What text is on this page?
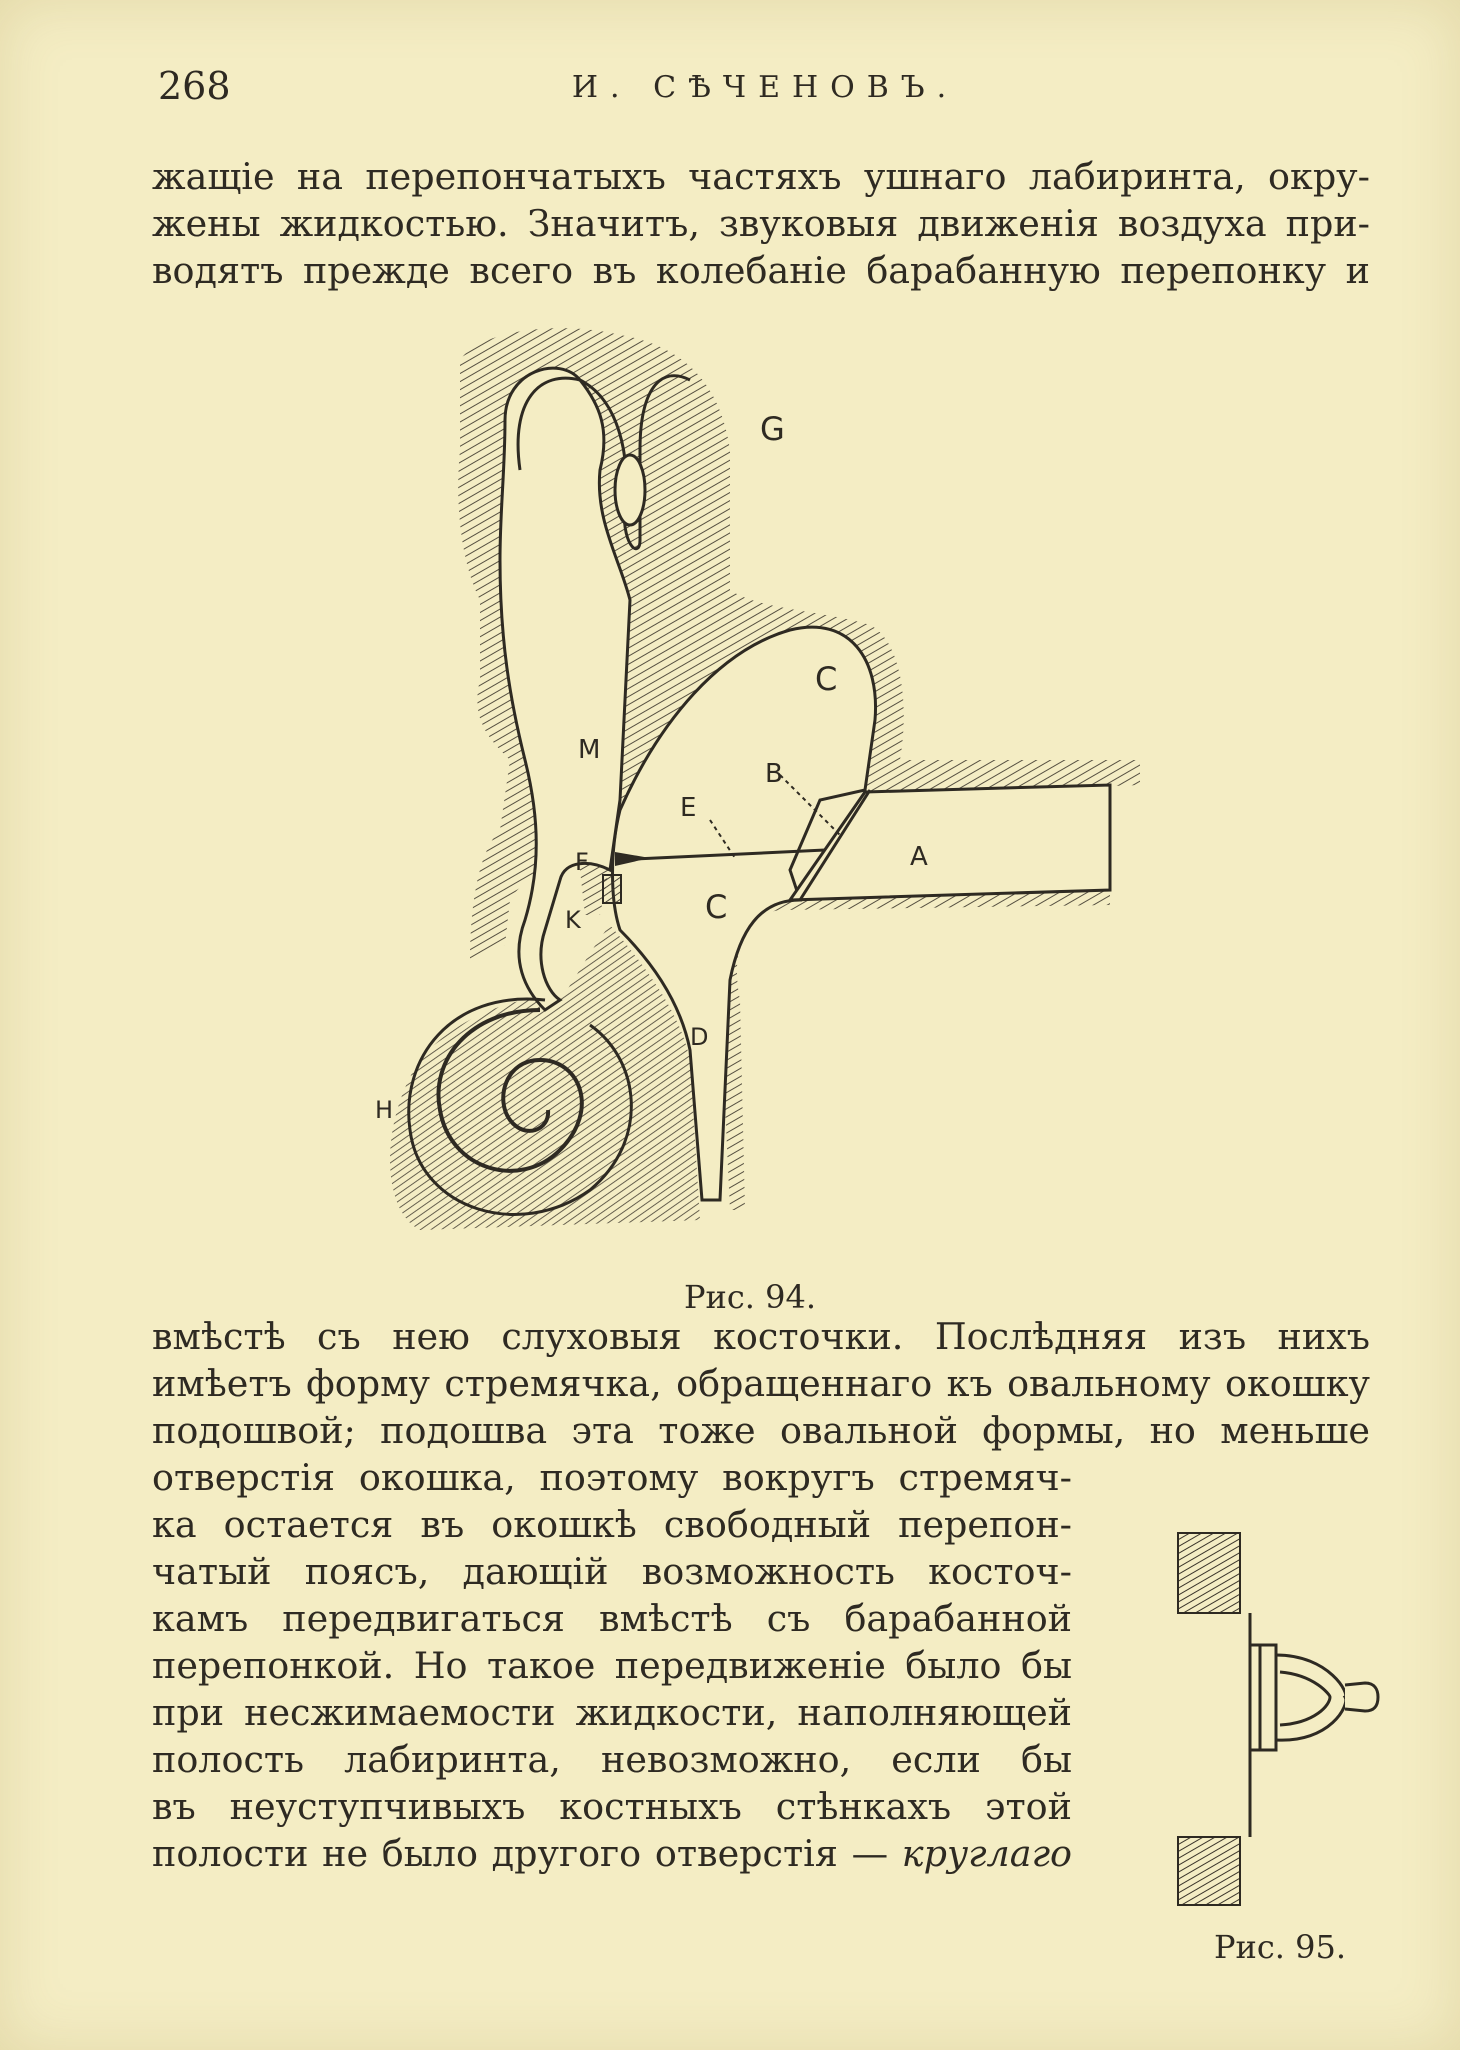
268	И. СѢЧЕНОВЪ.
жащіе на перепончатыхъ частяхъ ушнаго лабиринта, окру-
жены жидкостью. Значитъ, звуковыя движенія воздуха при-
водятъ прежде всего въ колебаніе барабанную перепонку и
G
C
M
B
E
A
F
K	C
D
H
Рис. 94.
вмѣстѣ съ нею слуховыя косточки. Послѣдняя изъ нихъ
имѣетъ форму стремячка, обращеннаго къ овальному окошку
подошвой; подошва эта тоже овальной формы, но меньше
отверстія окошка, поэтому вокругъ стремяч-
ка остается въ окошкѣ свободный перепон-
чатый поясъ, дающій возможность косточ-
камъ передвигаться вмѣстѣ съ барабанной
перепонкой. Но такое передвиженіе было бы
при несжимаемости жидкости, наполняющей
полость лабиринта, невозможно, если бы
въ неуступчивыхъ костныхъ стѣнкахъ этой
полости не было другого отверстія — круглаго
Рис. 95.
